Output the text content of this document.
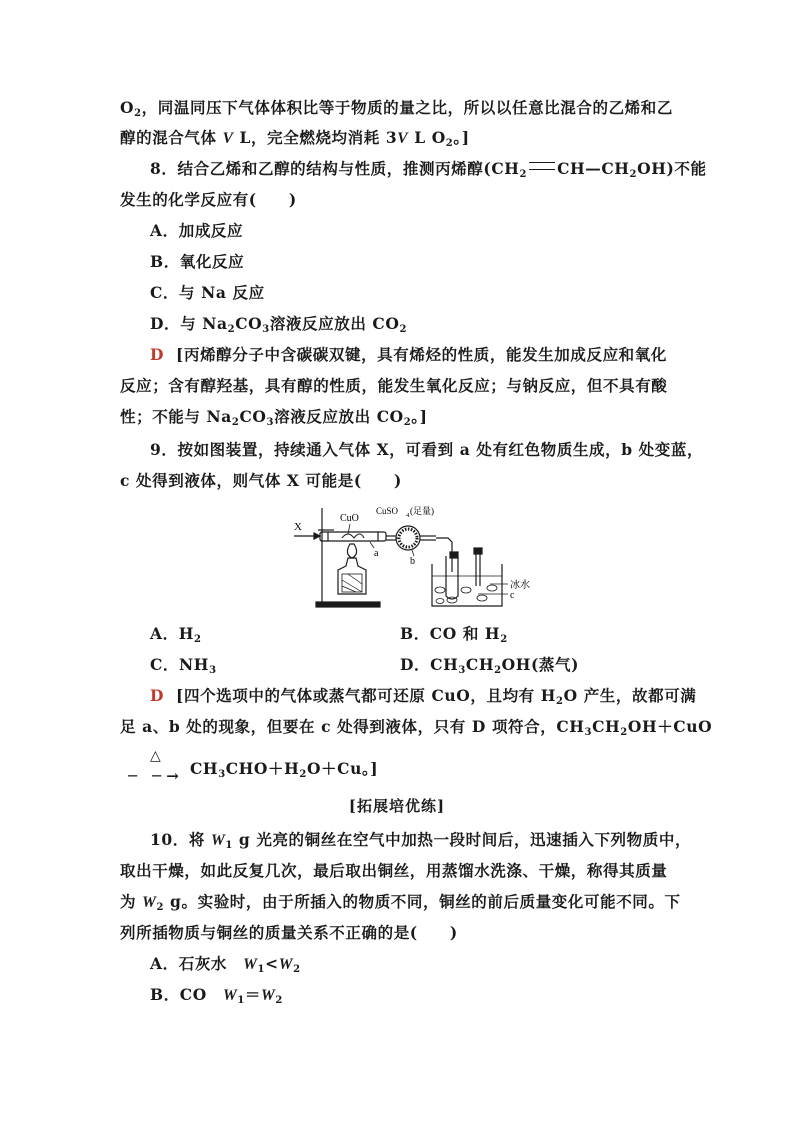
$O_2$，同温同压下气体体积比等于物质的量之比，所以以任意比混合的乙烯和乙
醇的混合气体 V L，完全燃烧均消耗 3V L $O_2$。]
8．结合乙烯和乙醇的结构与性质，推测丙烯醇($CH_2$ $CH—CH_2OH$)不能
发生的化学反应有(　　)
A．加成反应
B．氧化反应
C．与 Na 反应
D．与 $Na_2CO_3$溶液反应放出 $CO_2$
D [丙烯醇分子中含碳碳双键，具有烯烃的性质，能发生加成反应和氧化
反应；含有醇羟基，具有醇的性质，能发生氧化反应；与钠反应，但不具有酸
性；不能与 $Na_2CO_3$溶液反应放出 $CO_2$。]
9．按如图装置，持续通入气体 X，可看到 a 处有红色物质生成，b 处变蓝，
c 处得到液体，则气体 X 可能是(　　)
X
CuO
a
CuSO 4 (足量)
b
冰水
c
A．$H_2$	B．CO 和 $H_2$
C．$NH_3$	D．$CH_3CH_2OH$(蒸气)
D [四个选项中的气体或蒸气都可还原 CuO，且均有 $H_2O$ 产生，故都可满
足 a、b 处的现象，但要在 c 处得到液体，只有 D 项符合，$CH_3CH_2OH+CuO$
△
─　─ → $CH_3CHO+H_2O+Cu$。]
[拓展培优练]
10．将 $W_1$ g 光亮的铜丝在空气中加热一段时间后，迅速插入下列物质中，
取出干燥，如此反复几次，最后取出铜丝，用蒸馏水洗涤、干燥，称得其质量
为 $W_2$ g。实验时，由于所插入的物质不同，铜丝的前后质量变化可能不同。下
列所插物质与铜丝的质量关系不正确的是(　　)
A．石灰水　$W_1<W_2$
B．CO　$W_1=W_2$
